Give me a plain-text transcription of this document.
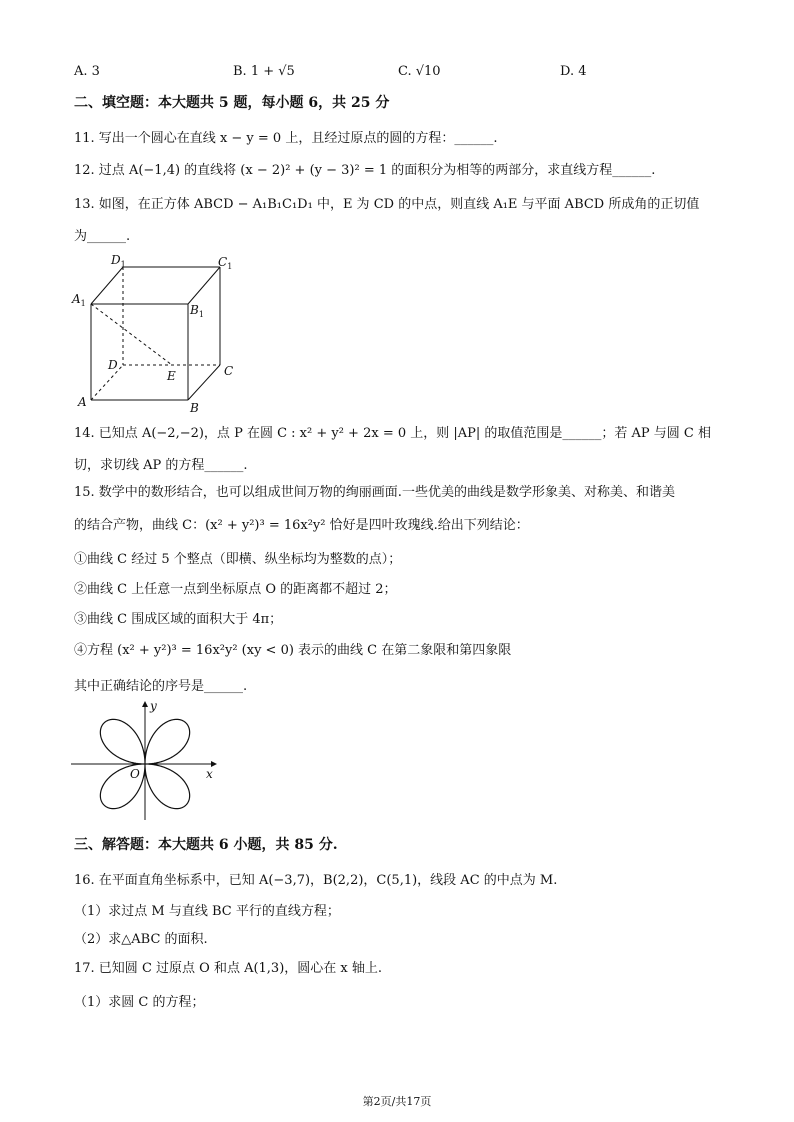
A. 3	B. 1 + √5	C. √10	D. 4
二、填空题：本大题共 5 题，每小题 6，共 25 分
11. 写出一个圆心在直线 x − y = 0 上，且经过原点的圆的方程：______.
12. 过点 A(−1,4) 的直线将 (x − 2)² + (y − 3)² = 1 的面积分为相等的两部分，求直线方程______.
13. 如图，在正方体 ABCD − A₁B₁C₁D₁ 中，E 为 CD 的中点，则直线 A₁E 与平面 ABCD 所成角的正切值
为______.
$D_1$	$C_1$
$A_1$	$B_1$
D
E	C
A	B
14. 已知点 A(−2,−2)，点 P 在圆 C : x² + y² + 2x = 0 上，则 |AP| 的取值范围是______；若 AP 与圆 C 相
切，求切线 AP 的方程______.
15. 数学中的数形结合，也可以组成世间万物的绚丽画面.一些优美的曲线是数学形象美、对称美、和谐美
的结合产物，曲线 C：(x² + y²)³ = 16x²y² 恰好是四叶玫瑰线.给出下列结论：
①曲线 C 经过 5 个整点（即横、纵坐标均为整数的点）；
②曲线 C 上任意一点到坐标原点 O 的距离都不超过 2；
③曲线 C 围成区域的面积大于 4π；
④方程 (x² + y²)³ = 16x²y² (xy < 0) 表示的曲线 C 在第二象限和第四象限
其中正确结论的序号是______.
y
x
O
三、解答题：本大题共 6 小题，共 85 分.
16. 在平面直角坐标系中，已知 A(−3,7)，B(2,2)，C(5,1)，线段 AC 的中点为 M.
（1）求过点 M 与直线 BC 平行的直线方程；
（2）求△ABC 的面积.
17. 已知圆 C 过原点 O 和点 A(1,3)，圆心在 x 轴上.
（1）求圆 C 的方程；
第2页/共17页
